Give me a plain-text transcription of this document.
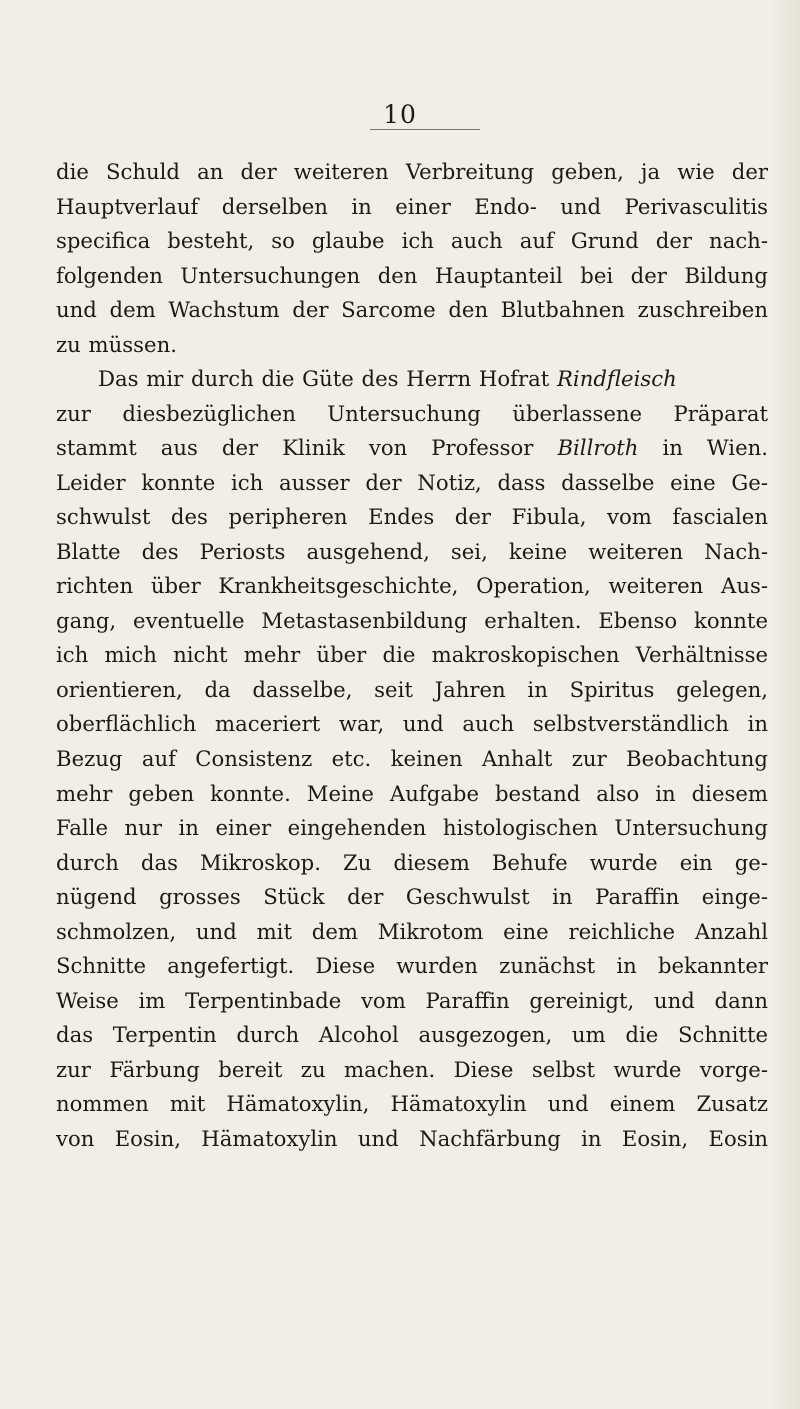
10
die Schuld an der weiteren Verbreitung geben, ja wie der
Hauptverlauf derselben in einer Endo- und Perivasculitis
specifica besteht, so glaube ich auch auf Grund der nach-
folgenden Untersuchungen den Hauptanteil bei der Bildung
und dem Wachstum der Sarcome den Blutbahnen zuschreiben
zu müssen.
Das mir durch die Güte des Herrn Hofrat Rindfleisch
zur diesbezüglichen Untersuchung überlassene Präparat
stammt aus der Klinik von Professor Billroth in Wien.
Leider konnte ich ausser der Notiz, dass dasselbe eine Ge-
schwulst des peripheren Endes der Fibula, vom fascialen
Blatte des Periosts ausgehend, sei, keine weiteren Nach-
richten über Krankheitsgeschichte, Operation, weiteren Aus-
gang, eventuelle Metastasenbildung erhalten. Ebenso konnte
ich mich nicht mehr über die makroskopischen Verhältnisse
orientieren, da dasselbe, seit Jahren in Spiritus gelegen,
oberflächlich maceriert war, und auch selbstverständlich in
Bezug auf Consistenz etc. keinen Anhalt zur Beobachtung
mehr geben konnte. Meine Aufgabe bestand also in diesem
Falle nur in einer eingehenden histologischen Untersuchung
durch das Mikroskop. Zu diesem Behufe wurde ein ge-
nügend grosses Stück der Geschwulst in Paraffin einge-
schmolzen, und mit dem Mikrotom eine reichliche Anzahl
Schnitte angefertigt. Diese wurden zunächst in bekannter
Weise im Terpentinbade vom Paraffin gereinigt, und dann
das Terpentin durch Alcohol ausgezogen, um die Schnitte
zur Färbung bereit zu machen. Diese selbst wurde vorge-
nommen mit Hämatoxylin, Hämatoxylin und einem Zusatz
von Eosin, Hämatoxylin und Nachfärbung in Eosin, Eosin
